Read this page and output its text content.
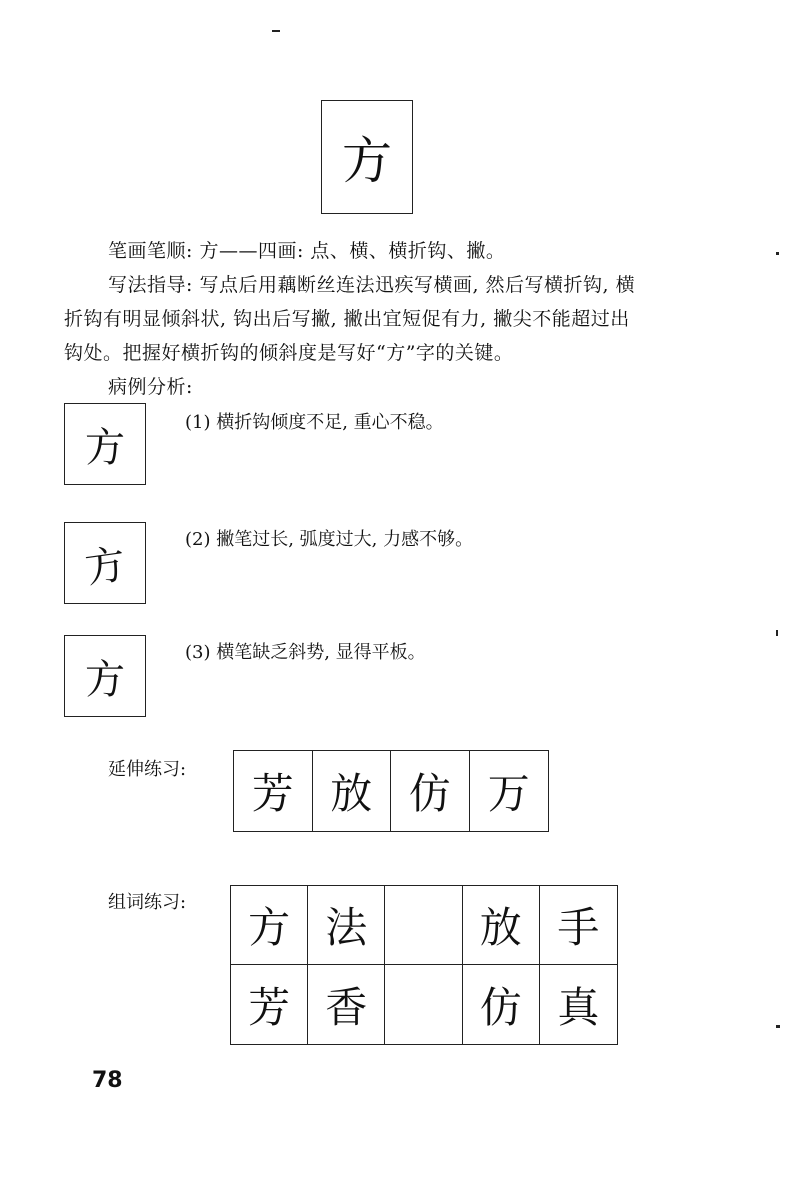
方
笔画笔顺: 方——四画: 点、横、横折钩、撇。
写法指导: 写点后用藕断丝连法迅疾写横画, 然后写横折钩, 横
折钩有明显倾斜状, 钩出后写撇, 撇出宜短促有力, 撇尖不能超过出
钩处。把握好横折钩的倾斜度是写好“方”字的关键。
病例分析:
方
(1) 横折钩倾度不足, 重心不稳。
方
(2) 撇笔过长, 弧度过大, 力感不够。
方
(3) 横笔缺乏斜势, 显得平板。
延伸练习:	芳 放 仿 万
组词练习:
方 法	放 手
芳 香	仿 真
78
